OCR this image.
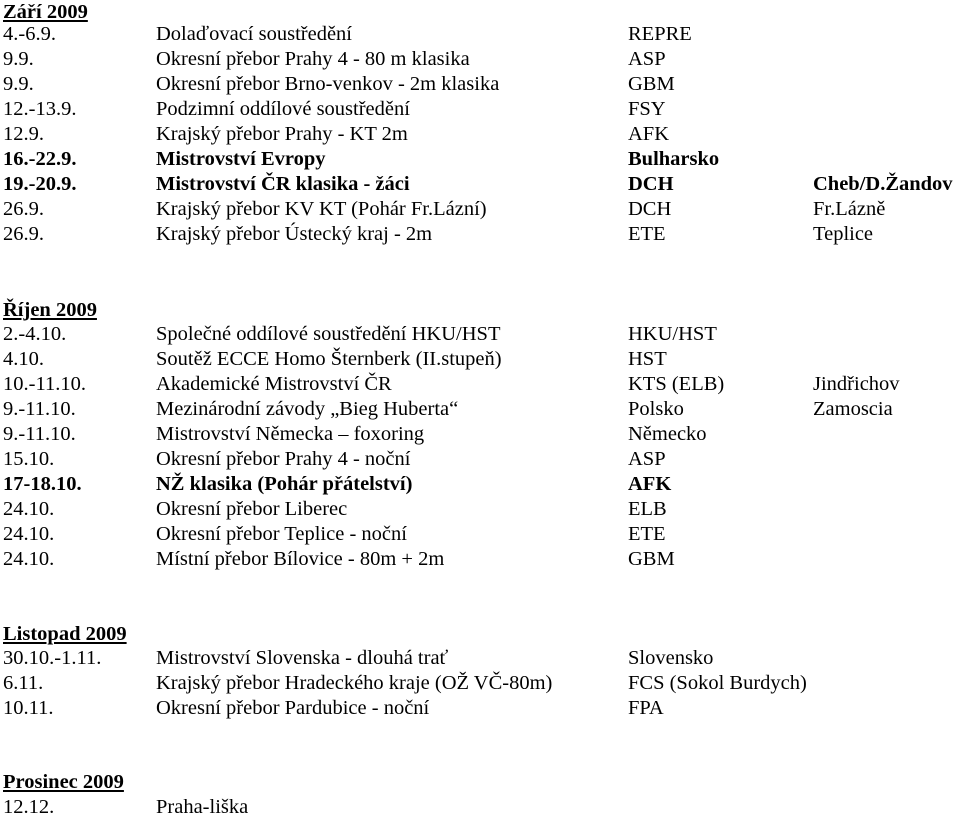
Září 2009
4.-6.9.	Dolaďovací soustředění	REPRE
9.9.	Okresní přebor Prahy 4 - 80 m klasika	ASP
9.9.	Okresní přebor Brno-venkov - 2m klasika	GBM
12.-13.9.	Podzimní oddílové soustředění	FSY
12.9.	Krajský přebor Prahy - KT 2m	AFK
16.-22.9.	Mistrovství Evropy	Bulharsko
19.-20.9.	Mistrovství ČR klasika - žáci	DCH	Cheb/D.Žandov
26.9.	Krajský přebor KV KT (Pohár Fr.Lázní)	DCH	Fr.Lázně
26.9.	Krajský přebor Ústecký kraj - 2m	ETE	Teplice
Říjen 2009
2.-4.10.	Společné oddílové soustředění HKU/HST	HKU/HST
4.10.	Soutěž ECCE Homo Šternberk (II.stupeň)	HST
10.-11.10.	Akademické Mistrovství ČR	KTS (ELB)	Jindřichov
9.-11.10.	Mezinárodní závody „Bieg Huberta“	Polsko	Zamoscia
9.-11.10.	Mistrovství Německa – foxoring	Německo
15.10.	Okresní přebor Prahy 4 - noční	ASP
17-18.10.	NŽ klasika (Pohár přátelství)	AFK
24.10.	Okresní přebor Liberec	ELB
24.10.	Okresní přebor Teplice - noční	ETE
24.10.	Místní přebor Bílovice - 80m + 2m	GBM
Listopad 2009
30.10.-1.11.	Mistrovství Slovenska - dlouhá trať	Slovensko
6.11.	Krajský přebor Hradeckého kraje (OŽ VČ-80m)	FCS (Sokol Burdych)
10.11.	Okresní přebor Pardubice - noční	FPA
Prosinec 2009
12.12.	Praha-liška
